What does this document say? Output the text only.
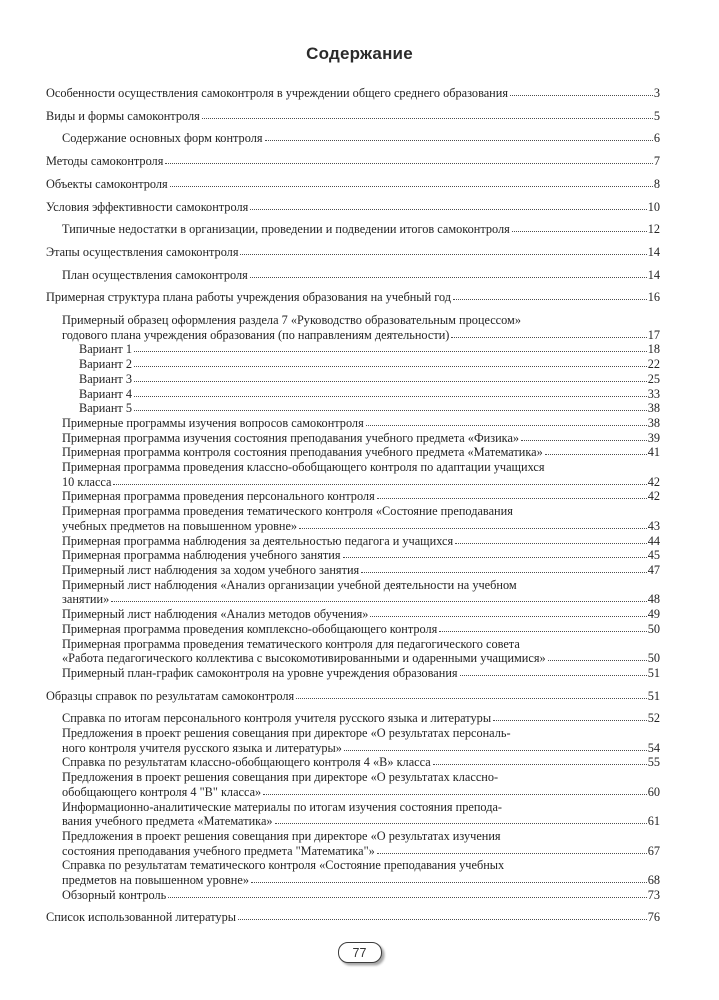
Содержание
Особенности осуществления самоконтроля в учреждении общего среднего образования	3
Виды и формы самоконтроля	5
Содержание основных форм контроля	6
Методы самоконтроля	7
Объекты самоконтроля	8
Условия эффективности самоконтроля	10
Типичные недостатки в организации, проведении и подведении итогов самоконтроля	12
Этапы осуществления самоконтроля	14
План осуществления самоконтроля	14
Примерная структура плана работы учреждения образования на учебный год	16
Примерный образец оформления раздела 7 «Руководство образовательным процессом»
годового плана учреждения образования (по направлениям деятельности)	17
Вариант 1	18
Вариант 2	22
Вариант 3	25
Вариант 4	33
Вариант 5	38
Примерные программы изучения вопросов самоконтроля	38
Примерная программа изучения состояния преподавания учебного предмета «Физика»	39
Примерная программа контроля состояния преподавания учебного предмета «Математика»	41
Примерная программа проведения классно-обобщающего контроля по адаптации учащихся
10 класса	42
Примерная программа проведения персонального контроля	42
Примерная программа проведения тематического контроля «Состояние преподавания
учебных предметов на повышенном уровне»	43
Примерная программа наблюдения за деятельностью педагога и учащихся	44
Примерная программа наблюдения учебного занятия	45
Примерный лист наблюдения за ходом учебного занятия	47
Примерный лист наблюдения «Анализ организации учебной деятельности на учебном
занятии»	48
Примерный лист наблюдения «Анализ методов обучения»	49
Примерная программа проведения комплексно-обобщающего контроля	50
Примерная программа проведения тематического контроля для педагогического совета
«Работа педагогического коллектива с высокомотивированными и одаренными учащимися»	50
Примерный план-график самоконтроля на уровне учреждения образования	51
Образцы справок по результатам самоконтроля	51
Справка по итогам персонального контроля учителя русского языка и литературы	52
Предложения в проект решения совещания при директоре «О результатах персональ-
ного контроля учителя русского языка и литературы»	54
Справка по результатам классно-обобщающего контроля 4 «В» класса	55
Предложения в проект решения совещания при директоре «О результатах классно-
обобщающего контроля 4 "В" класса»	60
Информационно-аналитические материалы по итогам изучения состояния препода-
вания учебного предмета «Математика»	61
Предложения в проект решения совещания при директоре «О результатах изучения
состояния преподавания учебного предмета "Математика"»	67
Справка по результатам тематического контроля «Состояние преподавания учебных
предметов на повышенном уровне»	68
Обзорный контроль	73
Список использованной литературы	76
77
